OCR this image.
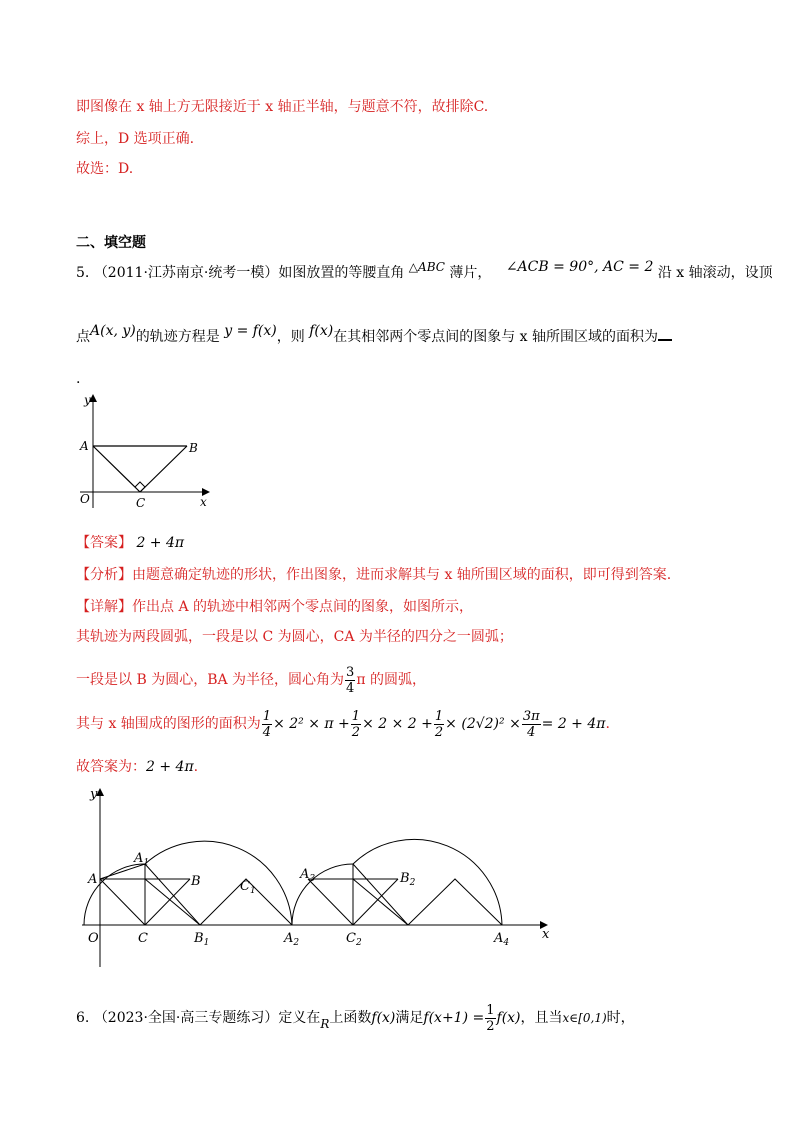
即图像在 x 轴上方无限接近于 x 轴正半轴，与题意不符，故排除C.
综上，D 选项正确.
故选：D.
二、填空题
5. （2011·江苏南京·统考一模）如图放置的等腰直角 △ABC 薄片， ∠ACB = 90°, AC = 2 沿 x 轴滚动，设顶
点A(x, y)的轨迹方程是 y = f(x)，则 f(x)在其相邻两个零点间的图象与 x 轴所围区域的面积为
.
y
x
O
A	B
C
【答案】 2 + 4π
【分析】由题意确定轨迹的形状，作出图象，进而求解其与 x 轴所围区域的面积，即可得到答案.
【详解】作出点 A 的轨迹中相邻两个零点间的图象，如图所示，
其轨迹为两段圆弧，一段是以 C 为圆心，CA 为半径的四分之一圆弧；
一段是以 B 为圆心，BA 为半径，圆心角为 $\frac{3}{4}$ π 的圆弧，
其与 x 轴围成的图形的面积为 $\frac{1}{4} \times 2^2 \times \pi + \frac{1}{2} \times 2 \times 2 + \frac{1}{2} \times (2√2)^2 \times \frac{3\pi}{4} = 2 + 4\pi$.
故答案为：2 + 4π.
y
x
O
A
$A_1$
B	$C_1$
C	$B_1$	$A_2$
$A_3$	$B_2$
$C_2$	$A_4$
6. （2023·全国·高三专题练习）定义在R上函数f(x)满足$f(x+1) = \frac{1}{2} f(x)$，且当x∈[0,1)时，
